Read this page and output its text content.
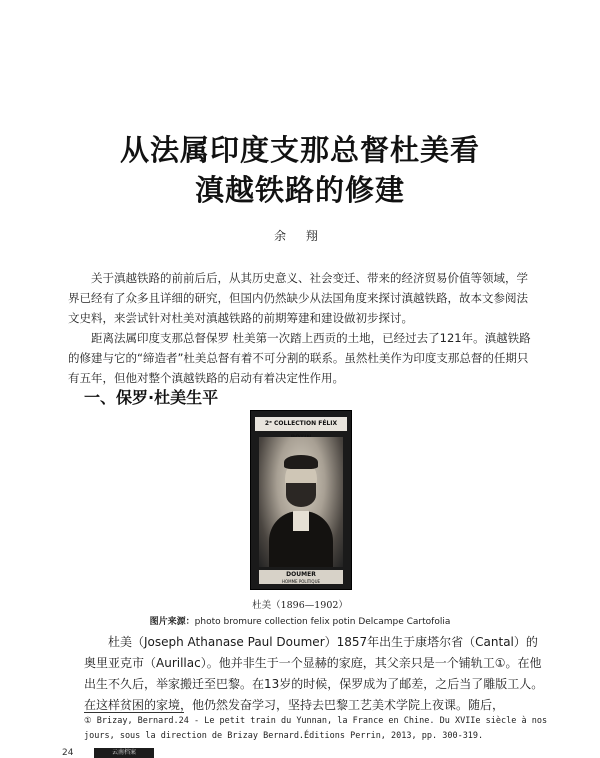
从法属印度支那总督杜美看
滇越铁路的修建
余 翔

关于滇越铁路的前前后后，从其历史意义、社会变迁、带来的经济贸易价值等领域，学界已经有了众多且详细的研究，但国内仍然缺少从法国角度来探讨滇越铁路，故本文参阅法文史料，来尝试针对杜美对滇越铁路的前期筹建和建设做初步探讨。

距离法属印度支那总督保罗 杜美第一次踏上西贡的土地，已经过去了121年。滇越铁路的修建与它的“缔造者”杜美总督有着不可分割的联系。虽然杜美作为印度支那总督的任期只有五年，但他对整个滇越铁路的启动有着决定性作用。

一、保罗·杜美生平
2ᵉ COLLECTION FÉLIX
DOUMER
HOMME POLITIQUE
杜美（1896—1902）
图片来源：photo bromure collection felix potin Delcampe Cartofolia

杜美（Joseph Athanase Paul Doumer）1857年出生于康塔尔省（Cantal）的奥里亚克市（Aurillac）。他并非生于一个显赫的家庭，其父亲只是一个铺轨工①。在他出生不久后，举家搬迁至巴黎。在13岁的时候，保罗成为了邮差，之后当了雕版工人。在这样贫困的家境，他仍然发奋学习，坚持去巴黎工艺美术学院上夜课。随后，

① Brizay, Bernard.24 - Le petit train du Yunnan, la France en Chine. Du XVIIe siècle à nos jours, sous la direction de Brizay Bernard.Éditions Perrin, 2013, pp. 300-319.
24	云南档案
